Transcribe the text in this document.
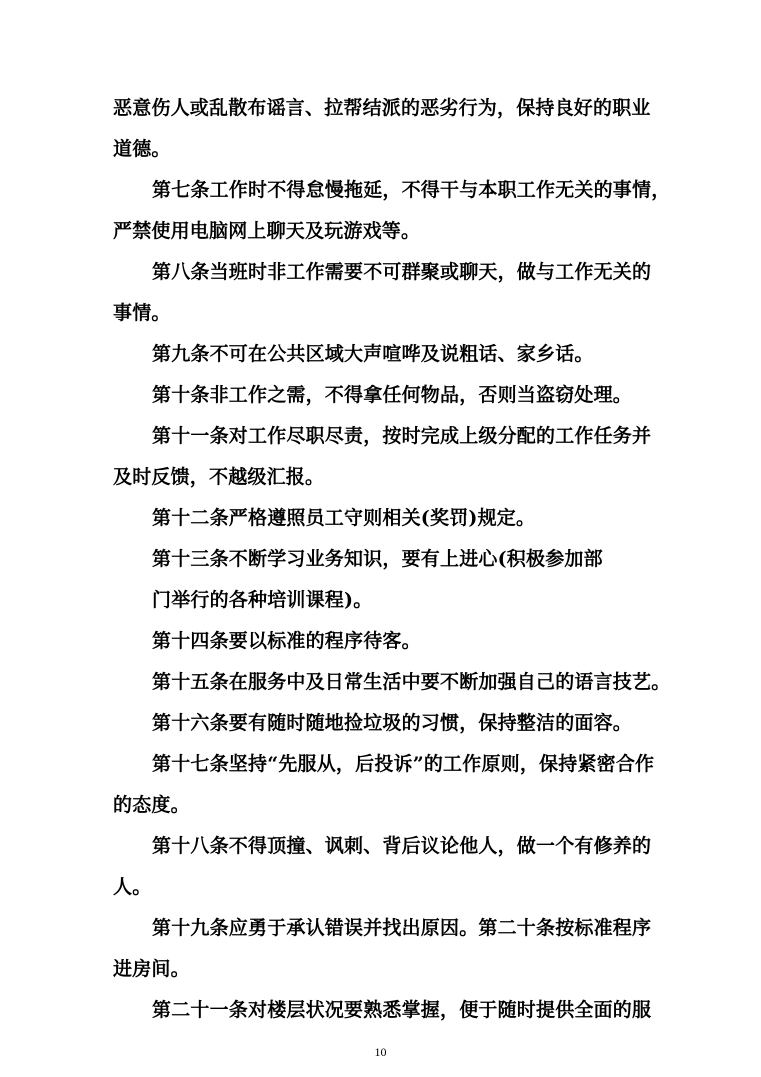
恶意伤人或乱散布谣言、拉帮结派的恶劣行为，保持良好的职业
道德。
第七条工作时不得怠慢拖延，不得干与本职工作无关的事情，
严禁使用电脑网上聊天及玩游戏等。
第八条当班时非工作需要不可群聚或聊天，做与工作无关的
事情。
第九条不可在公共区域大声喧哗及说粗话、家乡话。
第十条非工作之需，不得拿任何物品，否则当盗窃处理。
第十一条对工作尽职尽责，按时完成上级分配的工作任务并
及时反馈，不越级汇报。
第十二条严格遵照员工守则相关(奖罚)规定。
第十三条不断学习业务知识，要有上进心(积极参加部
门举行的各种培训课程)。
第十四条要以标准的程序待客。
第十五条在服务中及日常生活中要不断加强自己的语言技艺。
第十六条要有随时随地捡垃圾的习惯，保持整洁的面容。
第十七条坚持“先服从，后投诉”的工作原则，保持紧密合作
的态度。
第十八条不得顶撞、讽刺、背后议论他人，做一个有修养的
人。
第十九条应勇于承认错误并找出原因。第二十条按标准程序
进房间。
第二十一条对楼层状况要熟悉掌握，便于随时提供全面的服
10
